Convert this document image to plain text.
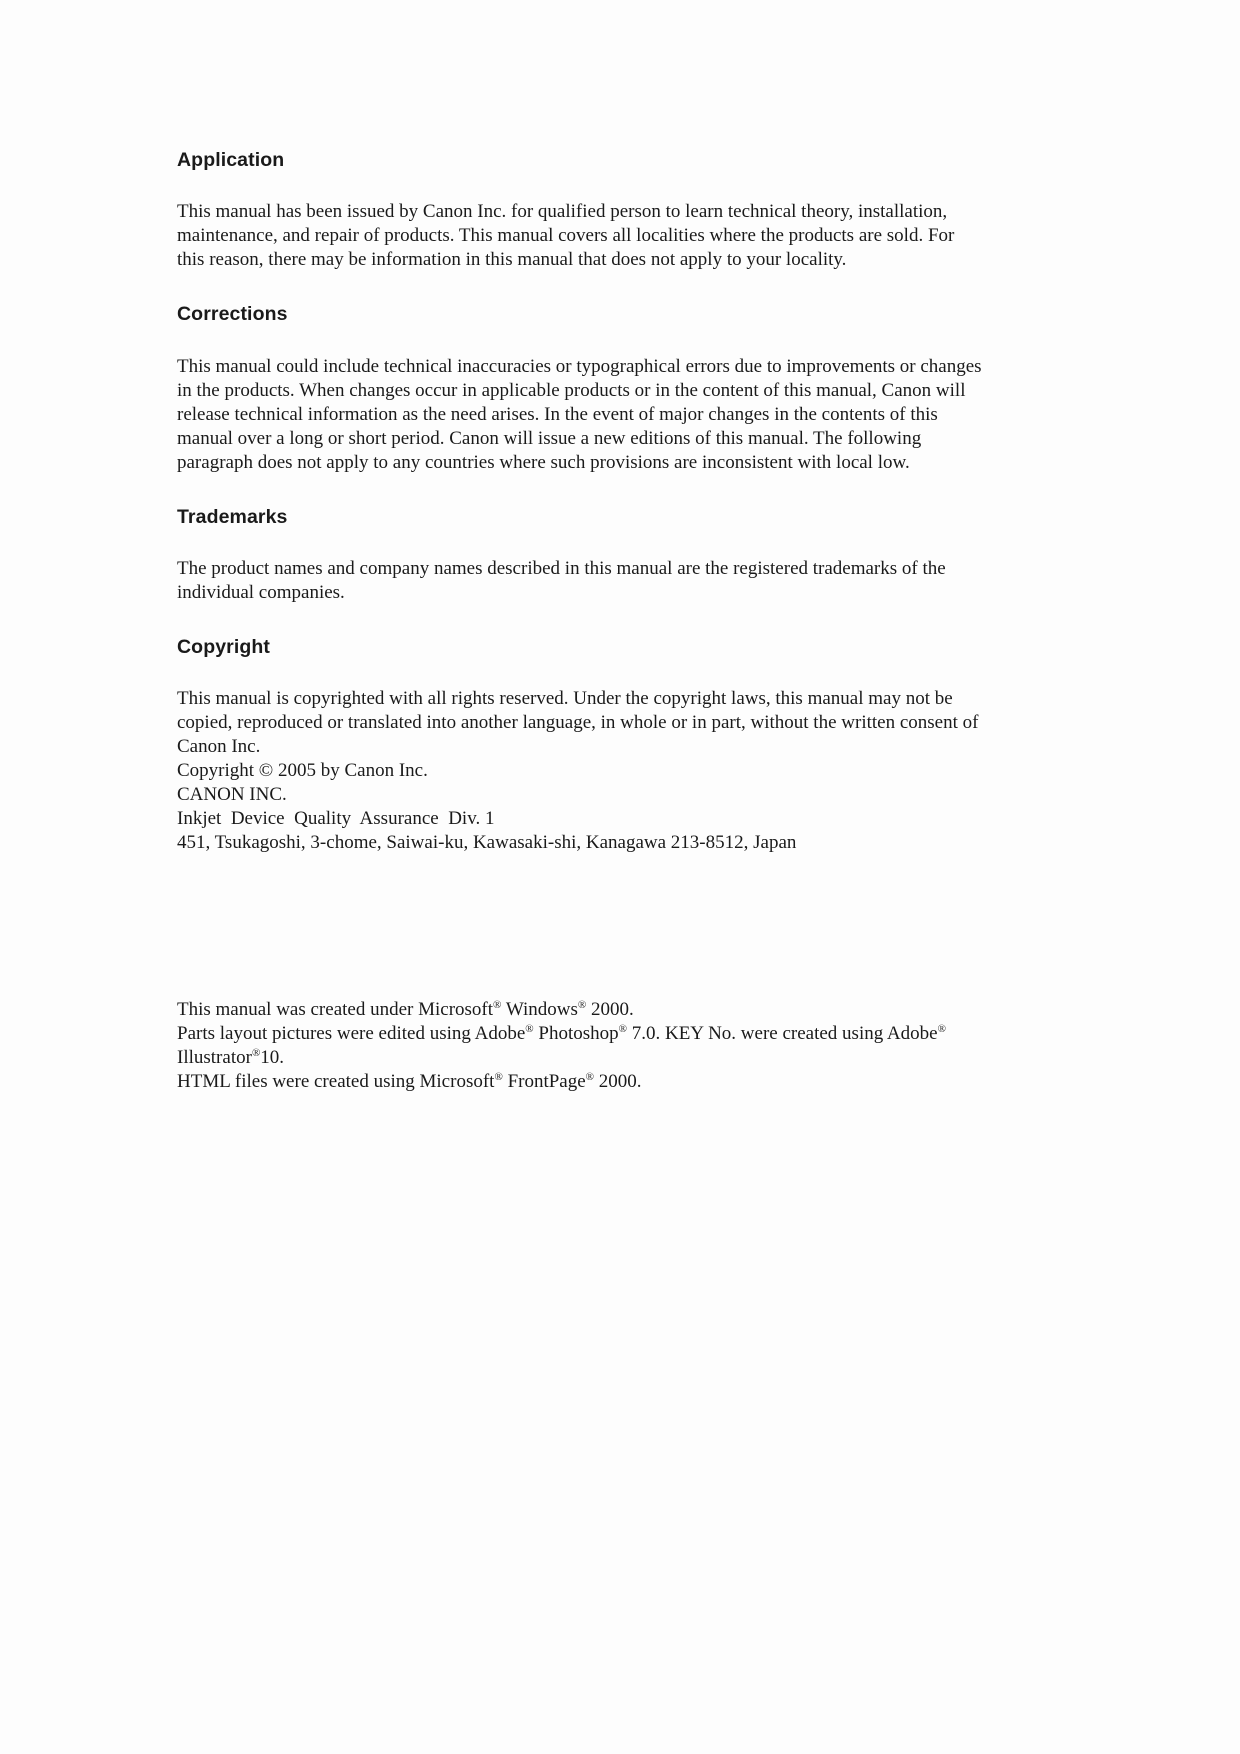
Application

This manual has been issued by Canon Inc. for qualified person to learn technical theory, installation,
maintenance, and repair of products. This manual covers all localities where the products are sold. For
this reason, there may be information in this manual that does not apply to your locality.

Corrections

This manual could include technical inaccuracies or typographical errors due to improvements or changes
in the products. When changes occur in applicable products or in the content of this manual, Canon will
release technical information as the need arises. In the event of major changes in the contents of this
manual over a long or short period. Canon will issue a new editions of this manual. The following
paragraph does not apply to any countries where such provisions are inconsistent with local low.

Trademarks

The product names and company names described in this manual are the registered trademarks of the
individual companies.

Copyright

This manual is copyrighted with all rights reserved. Under the copyright laws, this manual may not be
copied, reproduced or translated into another language, in whole or in part, without the written consent of
Canon Inc.
Copyright © 2005 by Canon Inc.
CANON INC.
Inkjet  Device  Quality  Assurance  Div. 1
451, Tsukagoshi, 3-chome, Saiwai-ku, Kawasaki-shi, Kanagawa 213-8512, Japan

This manual was created under Microsoft® Windows® 2000.
Parts layout pictures were edited using Adobe® Photoshop® 7.0. KEY No. were created using Adobe®
Illustrator®10.
HTML files were created using Microsoft® FrontPage® 2000.
